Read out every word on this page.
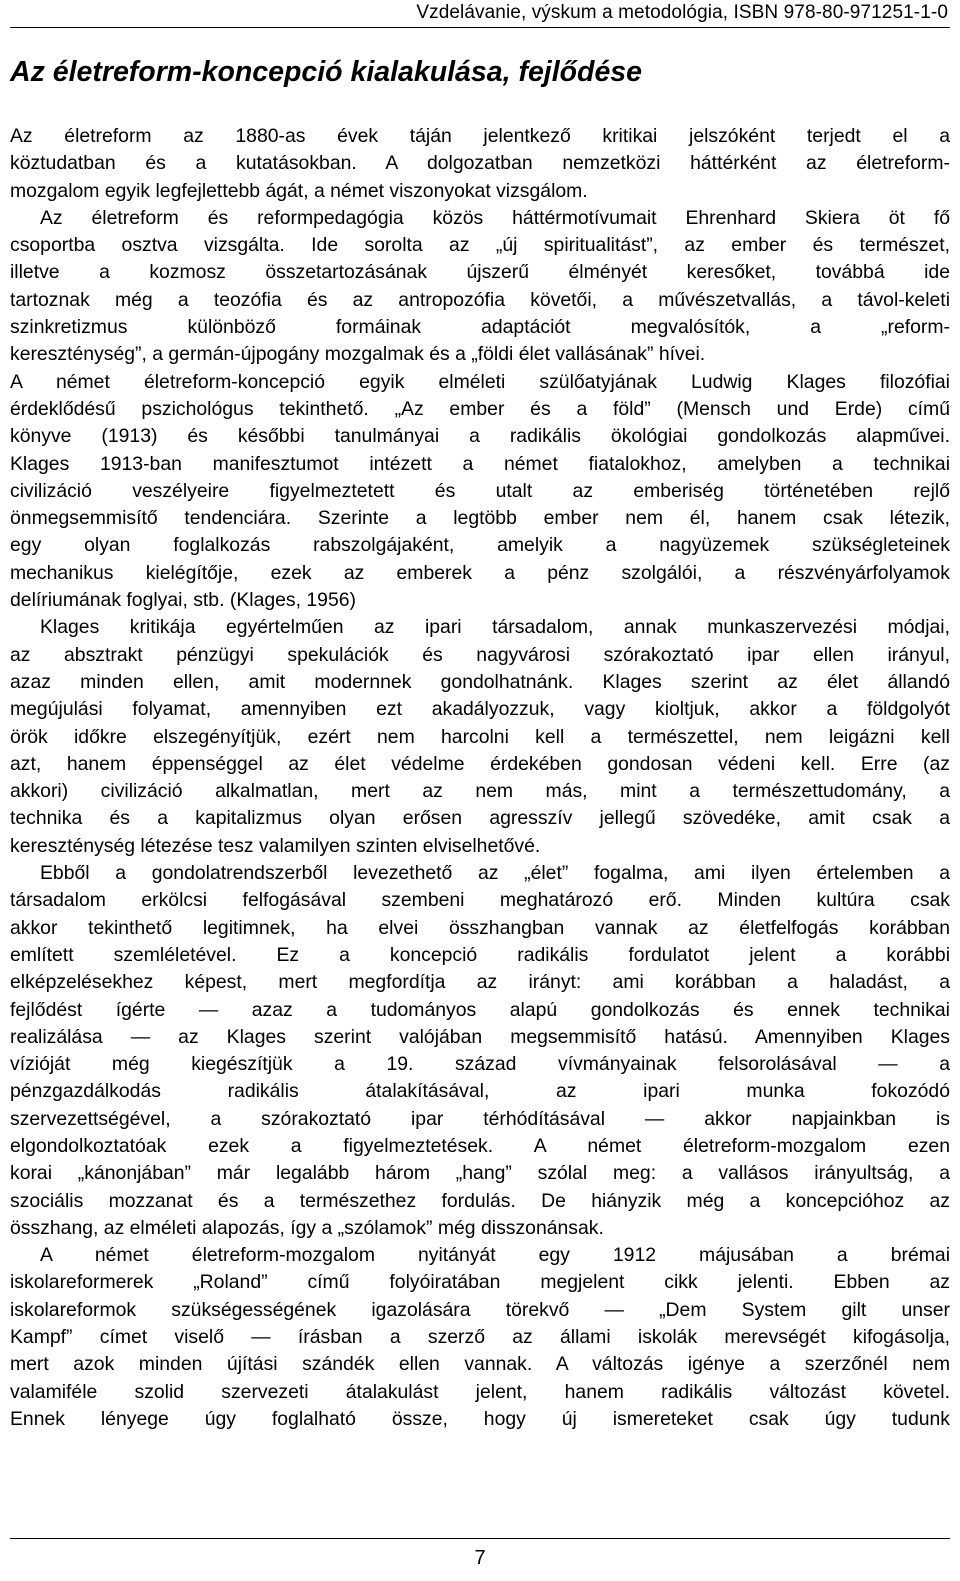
Vzdelávanie, výskum a metodológia, ISBN 978-80-971251-1-0
Az életreform-koncepció kialakulása, fejlődése
Az életreform az 1880-as évek táján jelentkező kritikai jelszóként terjedt el a
köztudatban és a kutatásokban. A dolgozatban nemzetközi háttérként az életreform-
mozgalom egyik legfejlettebb ágát, a német viszonyokat vizsgálom.
Az életreform és reformpedagógia közös háttérmotívumait Ehrenhard Skiera öt fő
csoportba osztva vizsgálta. Ide sorolta az „új spiritualitást”, az ember és természet,
illetve a kozmosz összetartozásának újszerű élményét keresőket, továbbá ide
tartoznak még a teozófia és az antropozófia követői, a művészetvallás, a távol-keleti
szinkretizmus különböző formáinak adaptációt megvalósítók, a „reform-
kereszténység”, a germán-újpogány mozgalmak és a „földi élet vallásának” hívei.
A német életreform-koncepció egyik elméleti szülőatyjának Ludwig Klages filozófiai
érdeklődésű pszichológus tekinthető. „Az ember és a föld” (Mensch und Erde) című
könyve (1913) és későbbi tanulmányai a radikális ökológiai gondolkozás alapművei.
Klages 1913-ban manifesztumot intézett a német fiatalokhoz, amelyben a technikai
civilizáció veszélyeire figyelmeztetett és utalt az emberiség történetében rejlő
önmegsemmisítő tendenciára. Szerinte a legtöbb ember nem él, hanem csak létezik,
egy olyan foglalkozás rabszolgájaként, amelyik a nagyüzemek szükségleteinek
mechanikus kielégítője, ezek az emberek a pénz szolgálói, a részvényárfolyamok
delíriumának foglyai, stb. (Klages, 1956)
Klages kritikája egyértelműen az ipari társadalom, annak munkaszervezési módjai,
az absztrakt pénzügyi spekulációk és nagyvárosi szórakoztató ipar ellen irányul,
azaz minden ellen, amit modernnek gondolhatnánk. Klages szerint az élet állandó
megújulási folyamat, amennyiben ezt akadályozzuk, vagy kioltjuk, akkor a földgolyót
örök időkre elszegényítjük, ezért nem harcolni kell a természettel, nem leigázni kell
azt, hanem éppenséggel az élet védelme érdekében gondosan védeni kell. Erre (az
akkori) civilizáció alkalmatlan, mert az nem más, mint a természettudomány, a
technika és a kapitalizmus olyan erősen agresszív jellegű szövedéke, amit csak a
kereszténység létezése tesz valamilyen szinten elviselhetővé.
Ebből a gondolatrendszerből levezethető az „élet” fogalma, ami ilyen értelemben a
társadalom erkölcsi felfogásával szembeni meghatározó erő. Minden kultúra csak
akkor tekinthető legitimnek, ha elvei összhangban vannak az életfelfogás korábban
említett szemléletével. Ez a koncepció radikális fordulatot jelent a korábbi
elképzelésekhez képest, mert megfordítja az irányt: ami korábban a haladást, a
fejlődést ígérte — azaz a tudományos alapú gondolkozás és ennek technikai
realizálása — az Klages szerint valójában megsemmisítő hatású. Amennyiben Klages
vízióját még kiegészítjük a 19. század vívmányainak felsorolásával — a
pénzgazdálkodás radikális átalakításával, az ipari munka fokozódó
szervezettségével, a szórakoztató ipar térhódításával — akkor napjainkban is
elgondolkoztatóak ezek a figyelmeztetések. A német életreform-mozgalom ezen
korai „kánonjában” már legalább három „hang” szólal meg: a vallásos irányultság, a
szociális mozzanat és a természethez fordulás. De hiányzik még a koncepcióhoz az
összhang, az elméleti alapozás, így a „szólamok” még disszonánsak.
A német életreform-mozgalom nyitányát egy 1912 májusában a brémai
iskolareformerek „Roland” című folyóiratában megjelent cikk jelenti. Ebben az
iskolareformok szükségességének igazolására törekvő — „Dem System gilt unser
Kampf” címet viselő — írásban a szerző az állami iskolák merevségét kifogásolja,
mert azok minden újítási szándék ellen vannak. A változás igénye a szerzőnél nem
valamiféle szolid szervezeti átalakulást jelent, hanem radikális változást követel.
Ennek lényege úgy foglalható össze, hogy új ismereteket csak úgy tudunk
7
